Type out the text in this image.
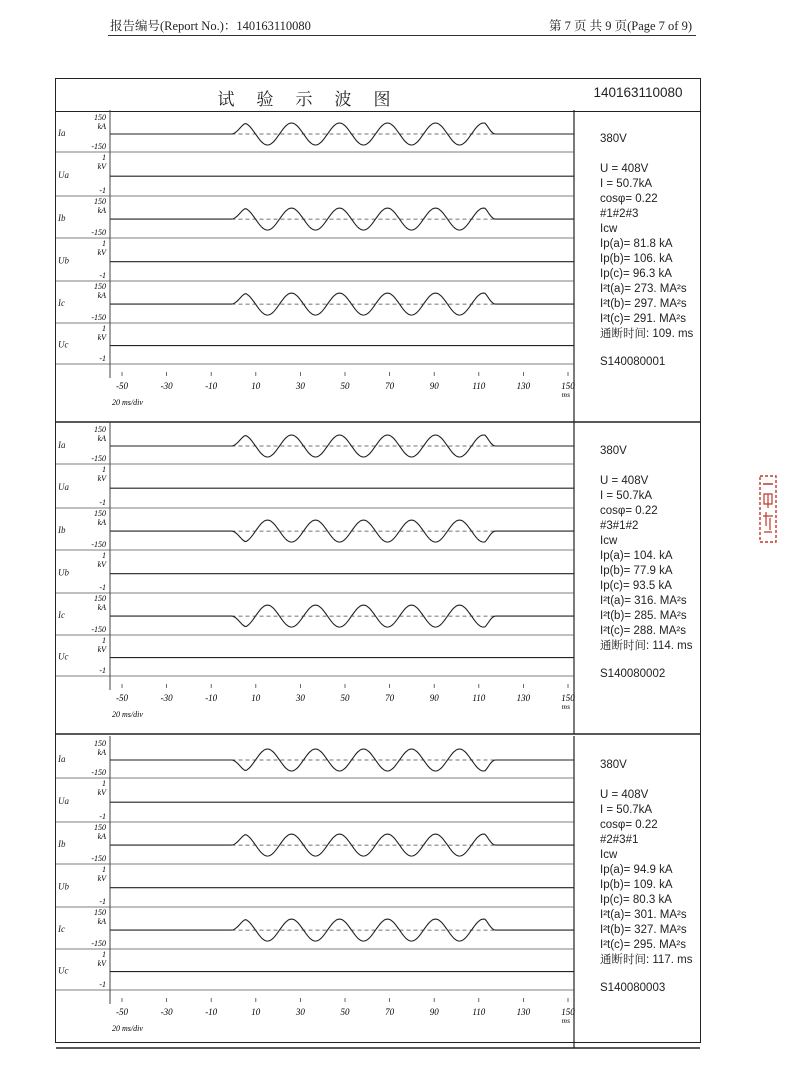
报告编号(Report No.)：140163110080	第 7 页 共 9 页(Page 7 of 9)
试验示波图	140163110080
Ia
150
kA
-150
Ua
1
kV
-1
Ib
150
kA
-150
Ub
1
kV
-1
Ic
150
kA
-150
Uc
1
kV
-1
-50	-30	-10	10	30	50	70	90	110	130	150
ms
20 ms/div
380V
U = 408V
I = 50.7kA
cosφ= 0.22
#1#2#3
Icw
Ip(a)= 81.8 kA
Ip(b)= 106. kA
Ip(c)= 96.3 kA
I²t(a)= 273. MA²s
I²t(b)= 297. MA²s
I²t(c)= 291. MA²s
通断时间: 109. ms
S140080001
Ia
150
kA
-150
Ua
1
kV
-1
Ib
150
kA
-150
Ub
1
kV
-1
Ic
150
kA
-150
Uc
1
kV
-1
-50	-30	-10	10	30	50	70	90	110	130	150
ms
20 ms/div
380V
U = 408V
I = 50.7kA
cosφ= 0.22
#3#1#2
Icw
Ip(a)= 104. kA
Ip(b)= 77.9 kA
Ip(c)= 93.5 kA
I²t(a)= 316. MA²s
I²t(b)= 285. MA²s
I²t(c)= 288. MA²s
通断时间: 114. ms
S140080002
Ia
150
kA
-150
Ua
1
kV
-1
Ib
150
kA
-150
Ub
1
kV
-1
Ic
150
kA
-150
Uc
1
kV
-1
-50	-30	-10	10	30	50	70	90	110	130	150
ms
20 ms/div
380V
U = 408V
I = 50.7kA
cosφ= 0.22
#2#3#1
Icw
Ip(a)= 94.9 kA
Ip(b)= 109. kA
Ip(c)= 80.3 kA
I²t(a)= 301. MA²s
I²t(b)= 327. MA²s
I²t(c)= 295. MA²s
通断时间: 117. ms
S140080003
